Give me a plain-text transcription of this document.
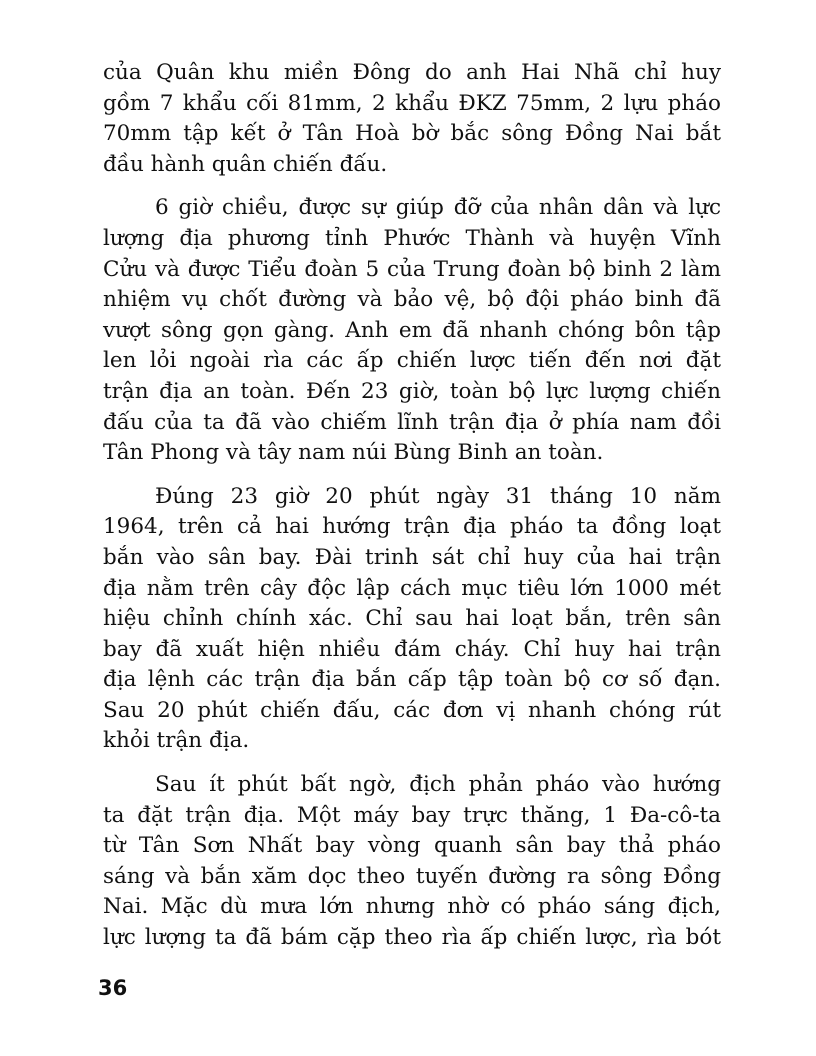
của Quân khu miền Đông do anh Hai Nhã chỉ huy
gồm 7 khẩu cối 81mm, 2 khẩu ĐKZ 75mm, 2 lựu pháo
70mm tập kết ở Tân Hoà bờ bắc sông Đồng Nai bắt
đầu hành quân chiến đấu.

6 giờ chiều, được sự giúp đỡ của nhân dân và lực
lượng địa phương tỉnh Phước Thành và huyện Vĩnh
Cửu và được Tiểu đoàn 5 của Trung đoàn bộ binh 2 làm
nhiệm vụ chốt đường và bảo vệ, bộ đội pháo binh đã
vượt sông gọn gàng. Anh em đã nhanh chóng bôn tập
len lỏi ngoài rìa các ấp chiến lược tiến đến nơi đặt
trận địa an toàn. Đến 23 giờ, toàn bộ lực lượng chiến
đấu của ta đã vào chiếm lĩnh trận địa ở phía nam đồi
Tân Phong và tây nam núi Bùng Binh an toàn.

Đúng 23 giờ 20 phút ngày 31 tháng 10 năm
1964, trên cả hai hướng trận địa pháo ta đồng loạt
bắn vào sân bay. Đài trinh sát chỉ huy của hai trận
địa nằm trên cây độc lập cách mục tiêu lớn 1000 mét
hiệu chỉnh chính xác. Chỉ sau hai loạt bắn, trên sân
bay đã xuất hiện nhiều đám cháy. Chỉ huy hai trận
địa lệnh các trận địa bắn cấp tập toàn bộ cơ số đạn.
Sau 20 phút chiến đấu, các đơn vị nhanh chóng rút
khỏi trận địa.

Sau ít phút bất ngờ, địch phản pháo vào hướng
ta đặt trận địa. Một máy bay trực thăng, 1 Đa-cô-ta
từ Tân Sơn Nhất bay vòng quanh sân bay thả pháo
sáng và bắn xăm dọc theo tuyến đường ra sông Đồng
Nai. Mặc dù mưa lớn nhưng nhờ có pháo sáng địch,
lực lượng ta đã bám cặp theo rìa ấp chiến lược, rìa bót

36
